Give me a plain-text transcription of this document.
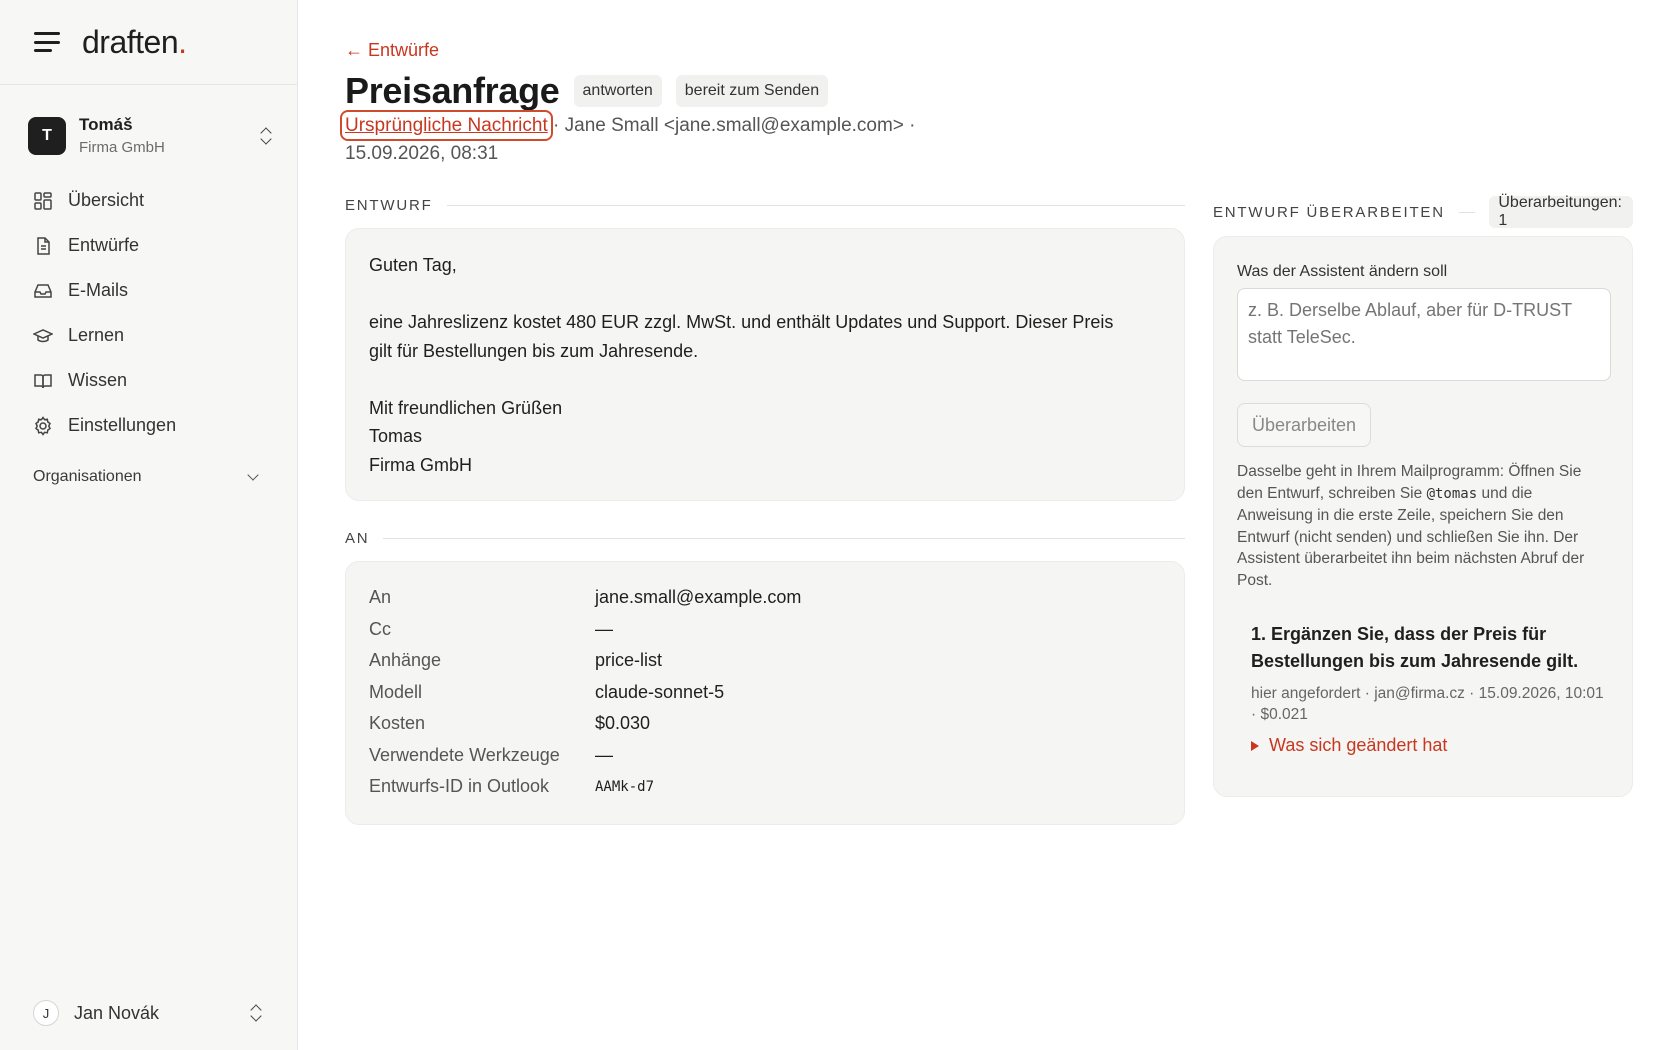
draften.
T
Tomáš
Firma GmbH
Übersicht
Entwürfe
E-Mails
Lernen
Wissen
Einstellungen
Organisationen
J	Jan Novák
← Entwürfe
Preisanfrage	antworten	bereit zum Senden
Ursprüngliche Nachricht · Jane Small <jane.small@example.com> · 15.09.2026, 08:31
ENTWURF
Guten Tag,
eine Jahreslizenz kostet 480 EUR zzgl. MwSt. und enthält Updates und Support. Dieser Preis
gilt für Bestellungen bis zum Jahresende.
Mit freundlichen Grüßen
Tomas
Firma GmbH
AN
An	jane.small@example.com
Cc	—
Anhänge	price-list
Modell	claude-sonnet-5
Kosten	$0.030
Verwendete Werkzeuge	—
Entwurfs-ID in Outlook	AAMk-d7
ENTWURF ÜBERARBEITEN
Überarbeitungen: 1
Was der Assistent ändern soll
z. B. Derselbe Ablauf, aber für D-TRUST statt TeleSec. Überarbeiten
Dasselbe geht in Ihrem Mailprogramm: Öffnen Sie den Entwurf, schreiben Sie @tomas und die Anweisung in die erste Zeile, speichern Sie den Entwurf (nicht senden) und schließen Sie ihn. Der Assistent überarbeitet ihn beim nächsten Abruf der Post.
1. Ergänzen Sie, dass der Preis für Bestellungen bis zum Jahresende gilt.
hier angefordert · jan@firma.cz · 15.09.2026, 10:01 · $0.021
Was sich geändert hat
